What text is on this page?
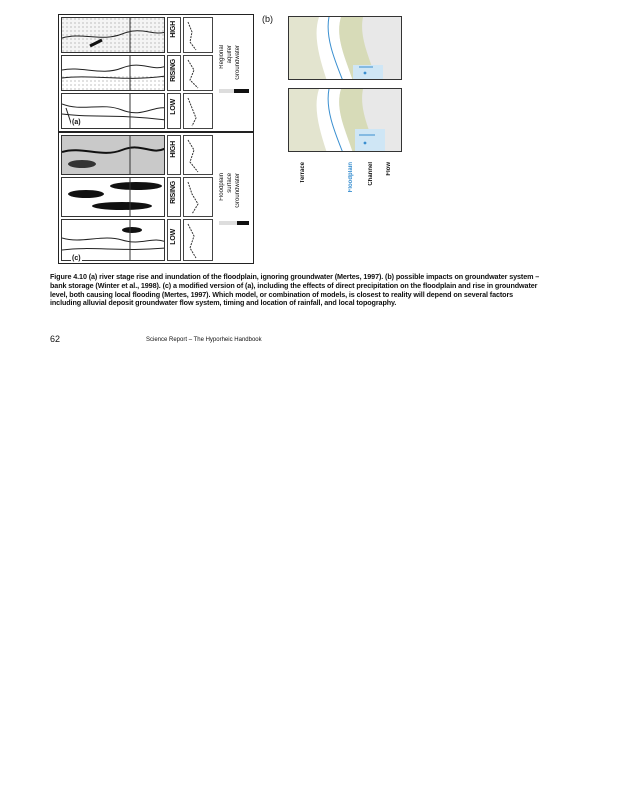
(a)
HIGH
RISING
LOW
Regional aquifer Groundwater
(c)
HIGH
RISING
LOW
Floodplain surface Groundwater
(b)
Terrace	Floodplain Channel Flow

Figure 4.10 (a) river stage rise and inundation of the floodplain, ignoring groundwater (Mertes, 1997). (b) possible impacts on groundwater system – bank storage (Winter et al., 1998). (c) a modified version of (a), including the effects of direct precipitation on the floodplain and rise in groundwater level, both causing local flooding (Mertes, 1997). Which model, or combination of models, is closest to reality will depend on several factors including alluvial deposit groundwater flow system, timing and location of rainfall, and local topography.

62	Science Report – The Hyporheic Handbook
